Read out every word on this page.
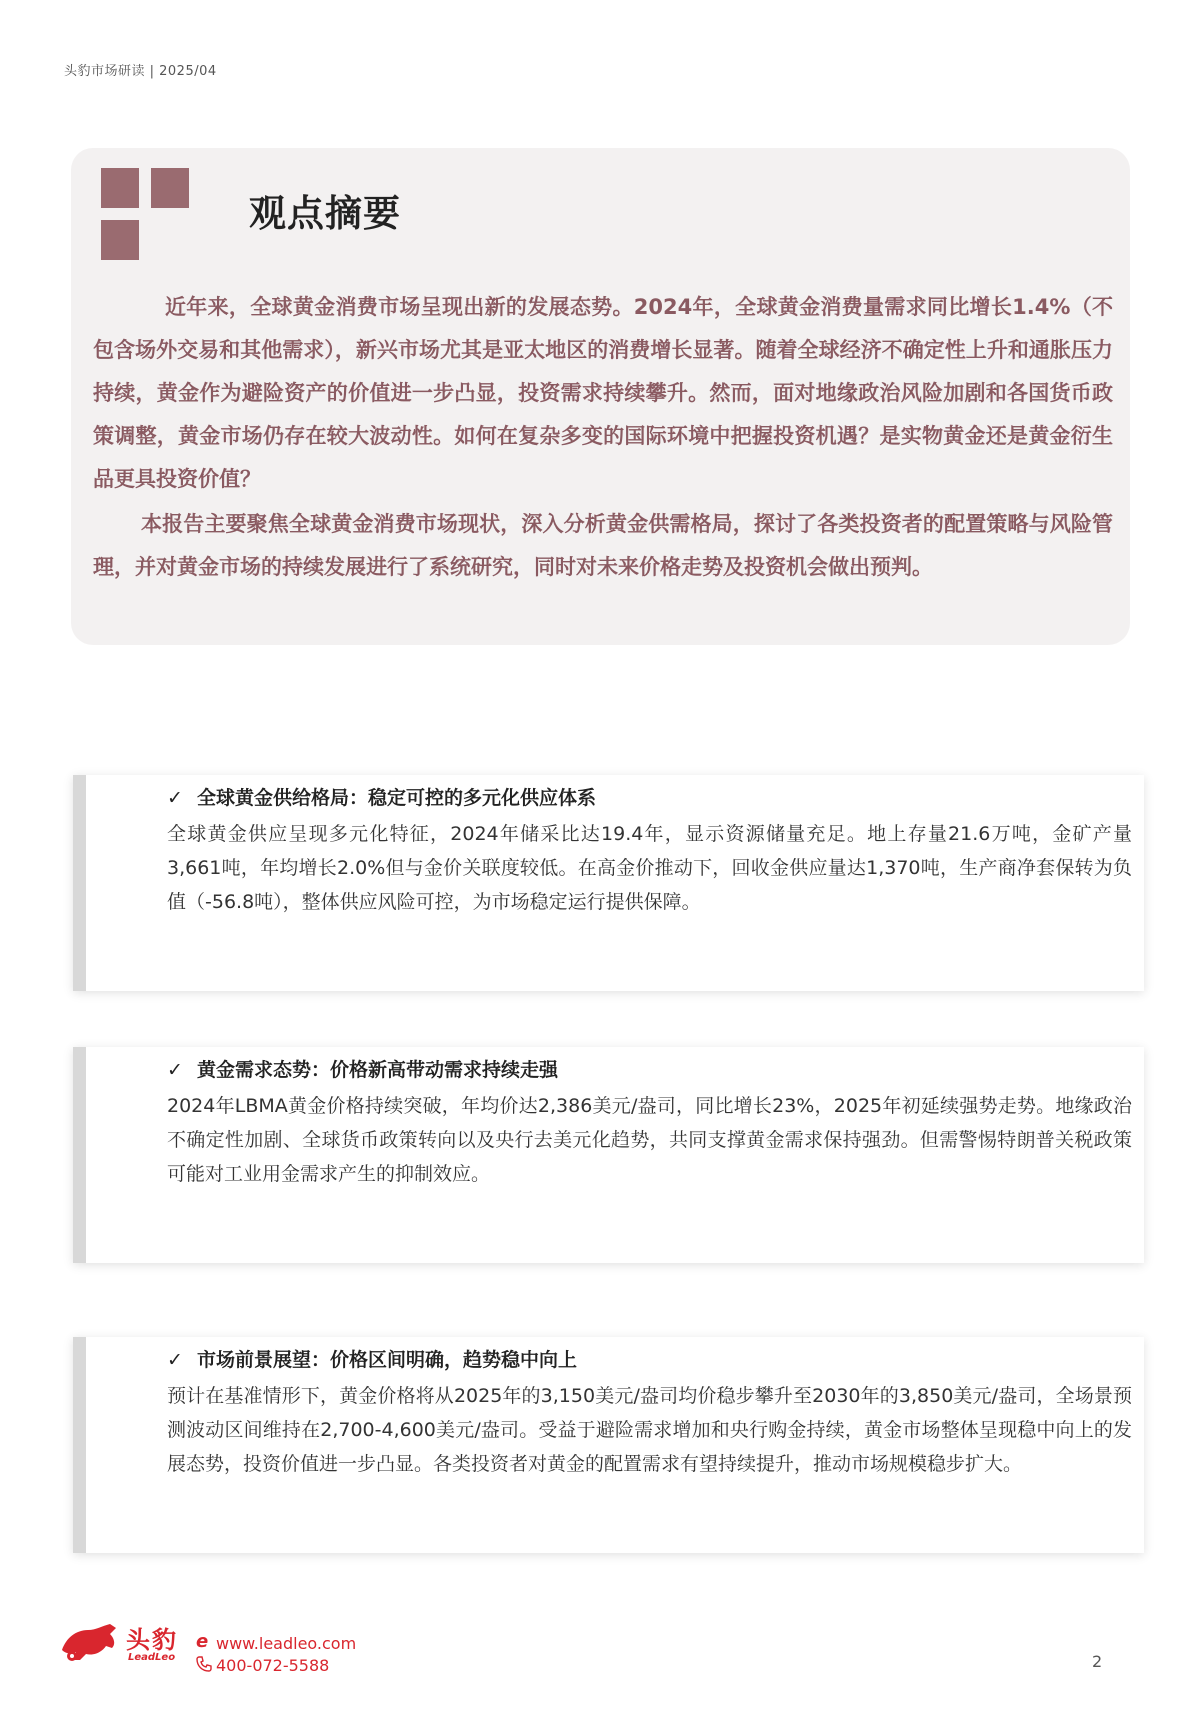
头豹市场研读 | 2025/04
观点摘要

近年来，全球黄金消费市场呈现出新的发展态势。2024年，全球黄金消费量需求同比增长1.4%（不包含场外交易和其他需求），新兴市场尤其是亚太地区的消费增长显著。随着全球经济不确定性上升和通胀压力持续，黄金作为避险资产的价值进一步凸显，投资需求持续攀升。然而，面对地缘政治风险加剧和各国货币政策调整，黄金市场仍存在较大波动性。如何在复杂多变的国际环境中把握投资机遇？是实物黄金还是黄金衍生品更具投资价值？

本报告主要聚焦全球黄金消费市场现状，深入分析黄金供需格局，探讨了各类投资者的配置策略与风险管理，并对黄金市场的持续发展进行了系统研究，同时对未来价格走势及投资机会做出预判。

✓ 全球黄金供给格局：稳定可控的多元化供应体系

全球黄金供应呈现多元化特征，2024年储采比达19.4年，显示资源储量充足。地上存量21.6万吨，金矿产量3,661吨，年均增长2.0%但与金价关联度较低。在高金价推动下，回收金供应量达1,370吨，生产商净套保转为负值（-56.8吨），整体供应风险可控，为市场稳定运行提供保障。

✓ 黄金需求态势：价格新高带动需求持续走强

2024年LBMA黄金价格持续突破，年均价达2,386美元/盎司，同比增长23%，2025年初延续强势走势。地缘政治不确定性加剧、全球货币政策转向以及央行去美元化趋势，共同支撑黄金需求保持强劲。但需警惕特朗普关税政策可能对工业用金需求产生的抑制效应。

✓ 市场前景展望：价格区间明确，趋势稳中向上

预计在基准情形下，黄金价格将从2025年的3,150美元/盎司均价稳步攀升至2030年的3,850美元/盎司，全场景预测波动区间维持在2,700-4,600美元/盎司。受益于避险需求增加和央行购金持续，黄金市场整体呈现稳中向上的发展态势，投资价值进一步凸显。各类投资者对黄金的配置需求有望持续提升，推动市场规模稳步扩大。

头豹
LeadLeo
e www.leadleo.com
400-072-5588	2
